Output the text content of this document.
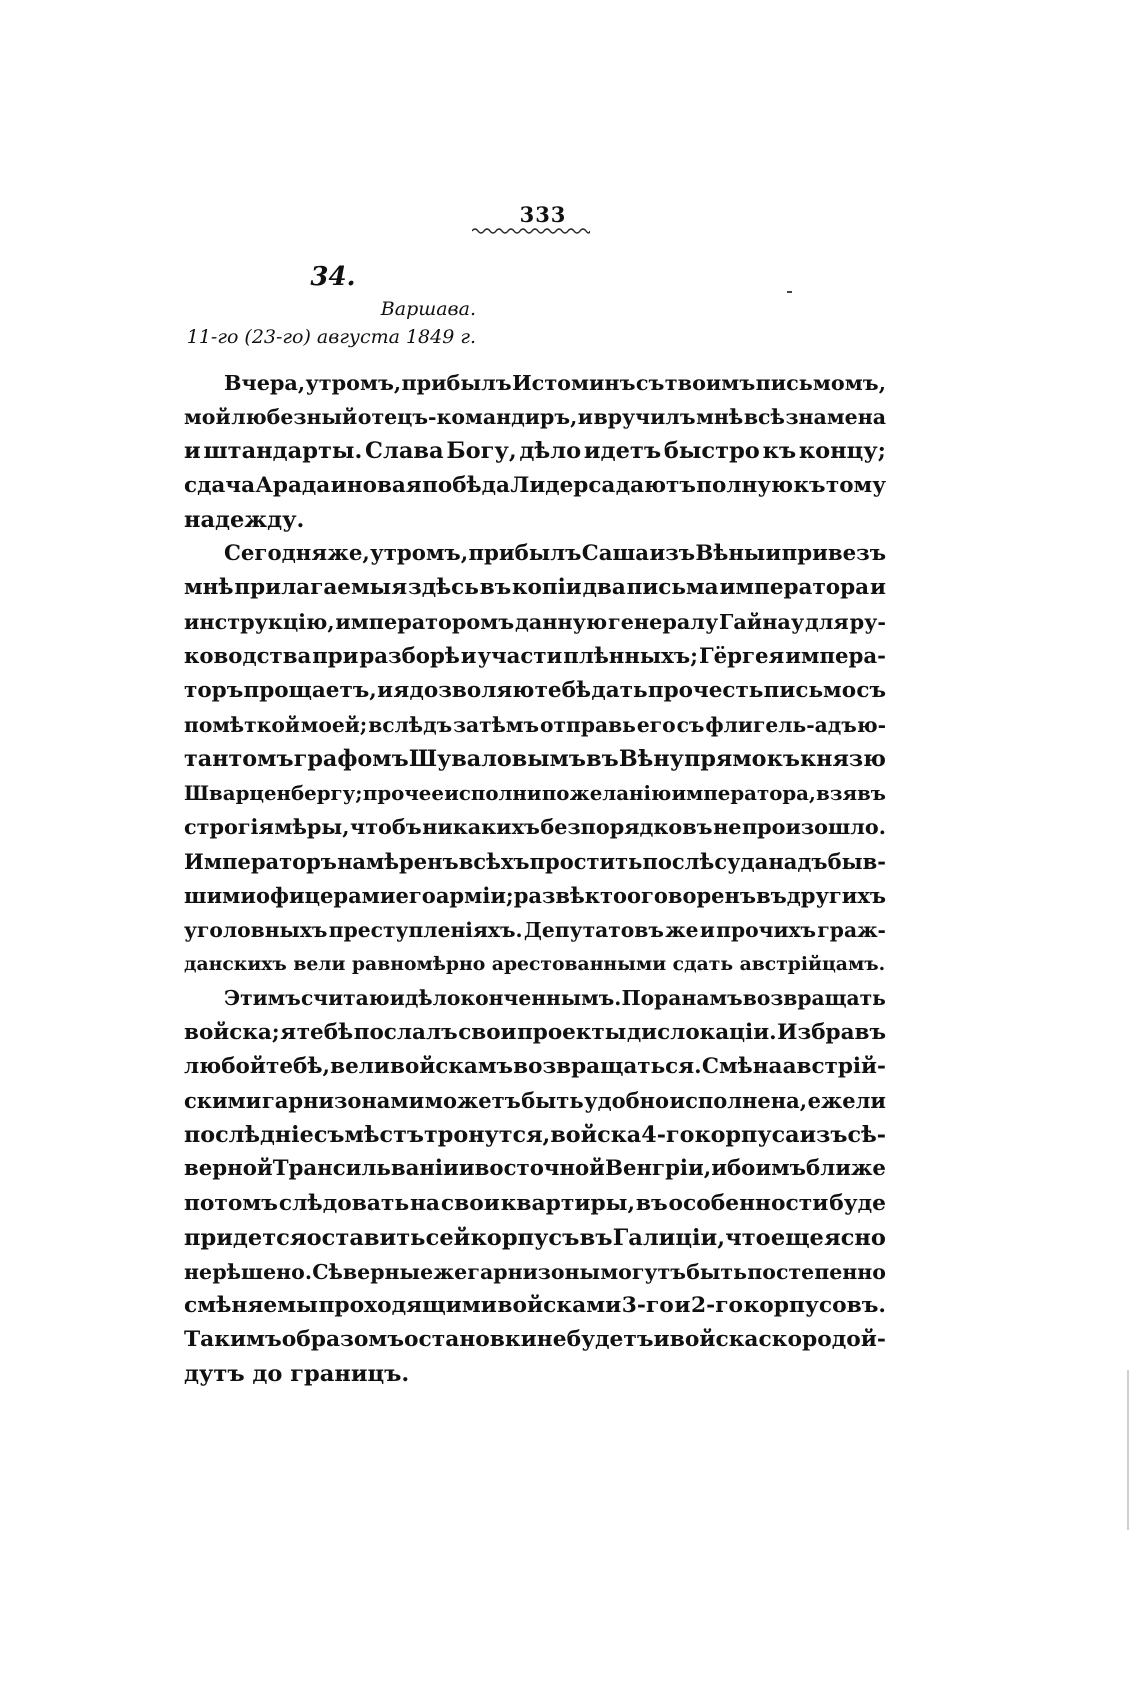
333
34.
Варшава.
11-го (23-го) августа 1849 г.
Вчера, утромъ, прибылъ Истоминъ съ твоимъ письмомъ,
мой любезный отецъ-командиръ, и вручилъ мнѣ всѣ знамена
и штандарты. Слава Богу, дѣло идетъ быстро къ концу;
сдача Арада и новая побѣда Лидерса даютъ полную къ тому
надежду.
Сегодня же, утромъ, прибылъ Саша изъ Вѣны и привезъ
мнѣ прилагаемыя здѣсь въ копіи два письма императора и
инструкцію, императоромъ данную генералу Гайнау для ру-
ководства при разборѣ и участи плѣнныхъ; Гёргея импера-
торъ прощаетъ, и я дозволяю тебѣ дать прочесть письмо съ
помѣткой моей; вслѣдъ затѣмъ отправь его съ флигель-адъю-
тантомъ графомъ Шуваловымъ въ Вѣну прямо къ князю
Шварценбергу; прочее исполни по желанію императора, взявъ
строгія мѣры, чтобъ никакихъ безпорядковъ не произошло.
Императоръ намѣренъ всѣхъ простить послѣ суда надъ быв-
шими офицерами его арміи; развѣ кто оговоренъ въ другихъ
уголовныхъ преступленіяхъ. Депутатовъ же и прочихъ граж-
данскихъ вели равномѣрно арестованными сдать австрійцамъ.
Этимъ считаю и дѣло конченнымъ. Пора намъ возвращать
войска; я тебѣ послалъ свои проекты дислокаціи. Избравъ
любой тебѣ, вели войскамъ возвращаться. Смѣна австрій-
скими гарнизонами можетъ быть удобно исполнена, ежели
послѣдніе съ мѣстъ тронутся, войска 4-го корпуса изъ сѣ-
верной Трансильваніи и восточной Венгріи, ибо имъ ближе
потомъ слѣдовать на свои квартиры, въ особенности буде
придется оставить сей корпусъ въ Галиціи, что еще ясно
не рѣшено. Сѣверные же гарнизоны могутъ быть постепенно
смѣняемы проходящими войсками 3-го и 2-го корпусовъ.
Такимъ образомъ остановки не будетъ и войска скоро дой-
дутъ до границъ.
